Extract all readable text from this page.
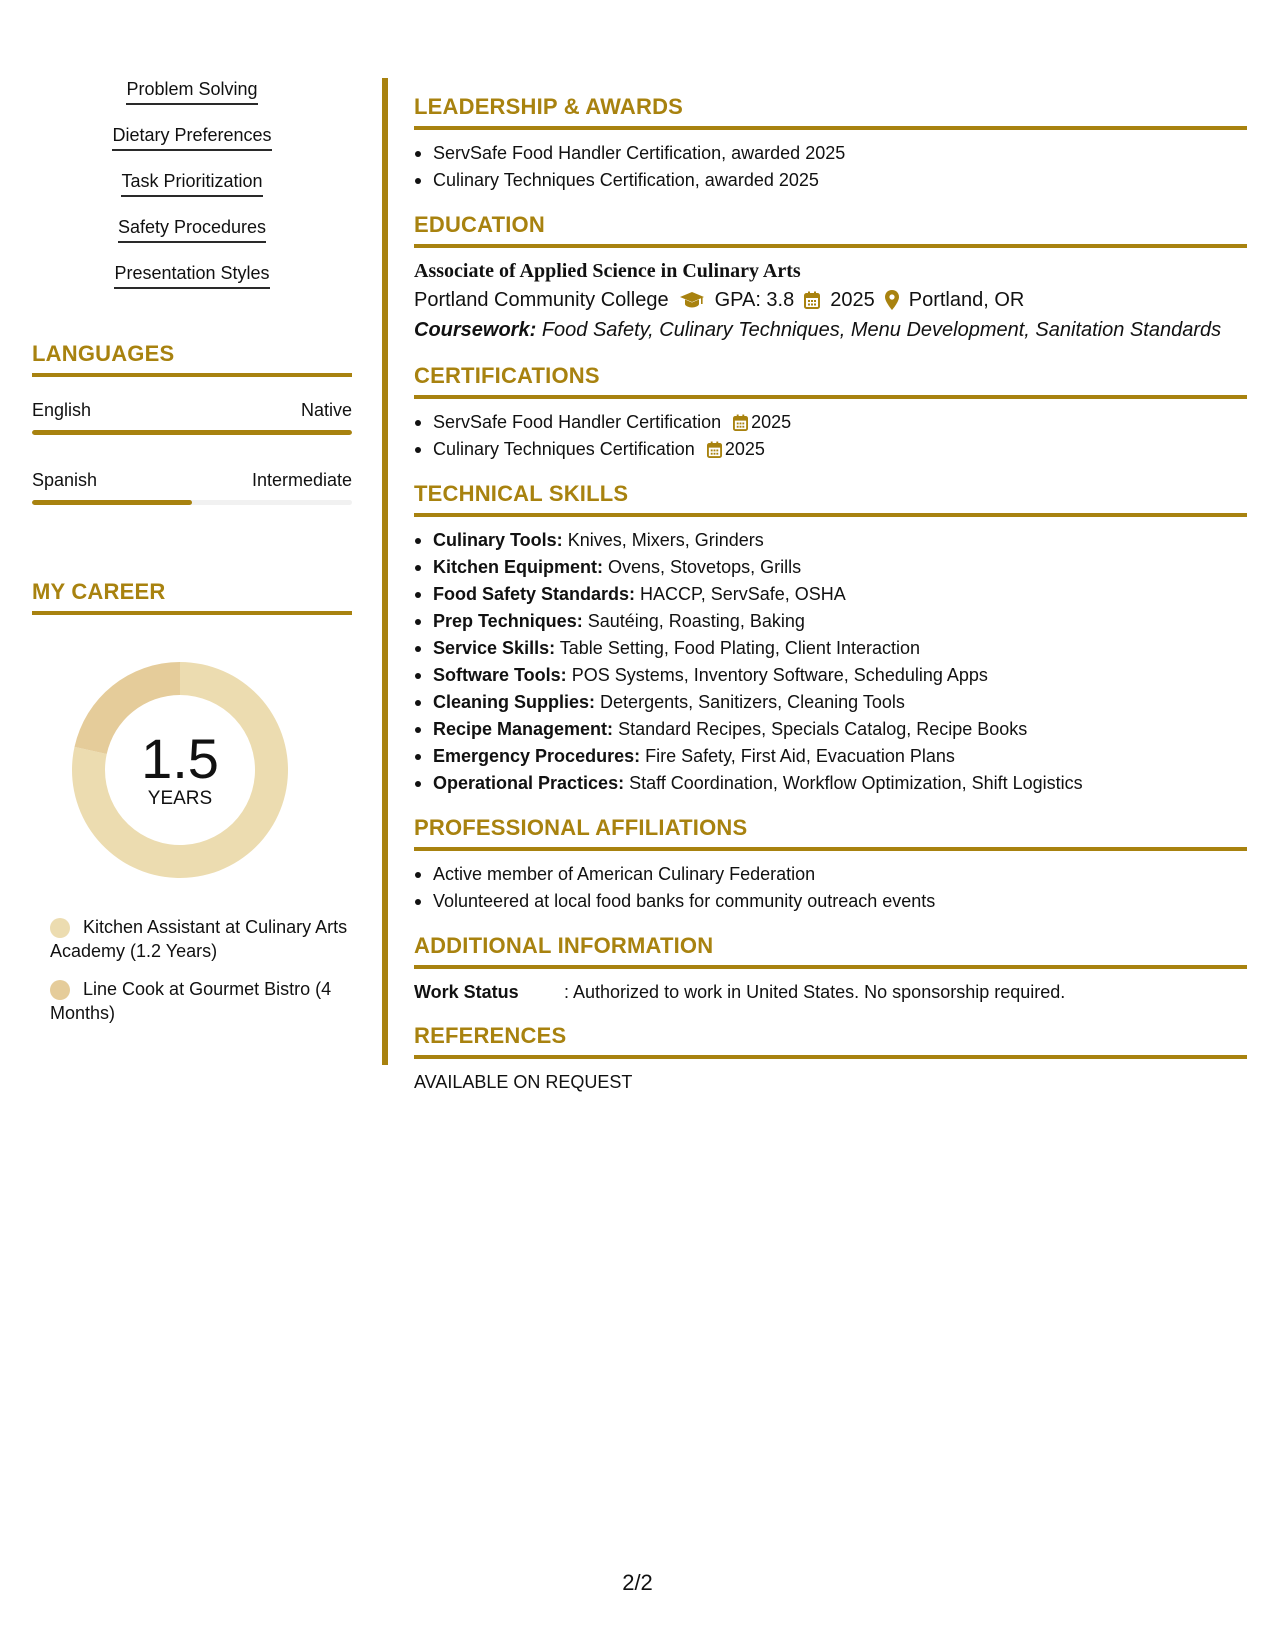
Problem Solving
Dietary Preferences
Task Prioritization
Safety Procedures
Presentation Styles
LANGUAGES
English	Native
Spanish	Intermediate
MY CAREER
1.5
YEARS
Kitchen Assistant at Culinary Arts Academy (1.2 Years)
Line Cook at Gourmet Bistro (4 Months)
LEADERSHIP & AWARDS
ServSafe Food Handler Certification, awarded 2025
Culinary Techniques Certification, awarded 2025
EDUCATION
Associate of Applied Science in Culinary Arts
Portland Community College GPA: 3.8 2025 Portland, OR
Coursework: Food Safety, Culinary Techniques, Menu Development, Sanitation Standards
CERTIFICATIONS
ServSafe Food Handler Certification 2025
Culinary Techniques Certification 2025
TECHNICAL SKILLS
Culinary Tools: Knives, Mixers, Grinders
Kitchen Equipment: Ovens, Stovetops, Grills
Food Safety Standards: HACCP, ServSafe, OSHA
Prep Techniques: Sautéing, Roasting, Baking
Service Skills: Table Setting, Food Plating, Client Interaction
Software Tools: POS Systems, Inventory Software, Scheduling Apps
Cleaning Supplies: Detergents, Sanitizers, Cleaning Tools
Recipe Management: Standard Recipes, Specials Catalog, Recipe Books
Emergency Procedures: Fire Safety, First Aid, Evacuation Plans
Operational Practices: Staff Coordination, Workflow Optimization, Shift Logistics
PROFESSIONAL AFFILIATIONS
Active member of American Culinary Federation
Volunteered at local food banks for community outreach events
ADDITIONAL INFORMATION
Work Status	: Authorized to work in United States. No sponsorship required.
REFERENCES
AVAILABLE ON REQUEST
2/2
